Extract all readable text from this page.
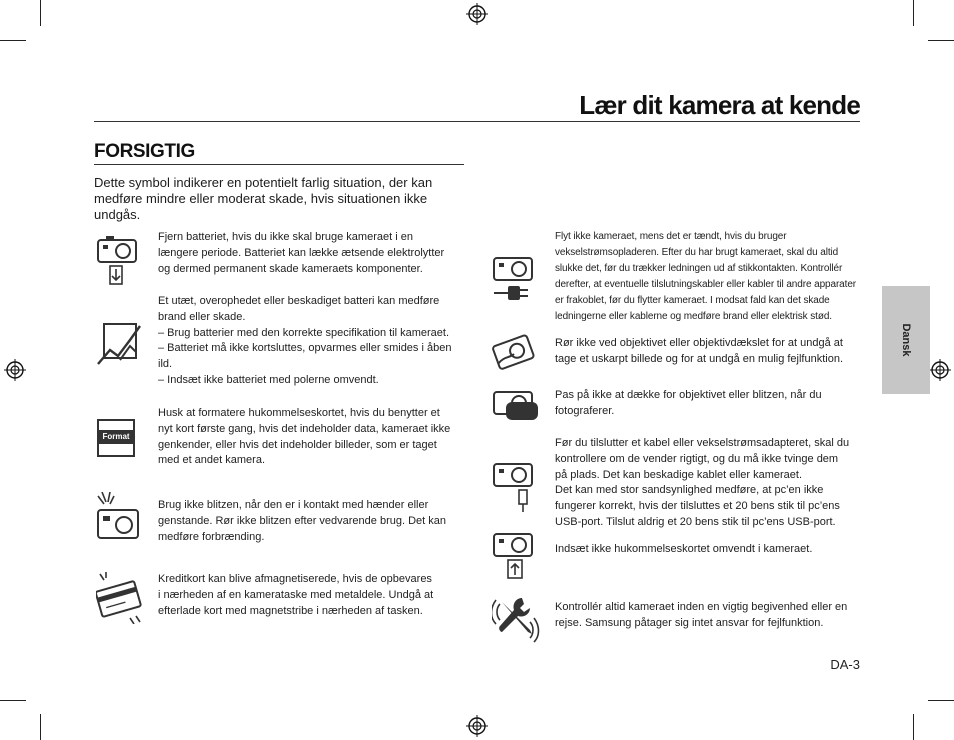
Lær dit kamera at kende
FORSIGTIG
Dette symbol indikerer en potentielt farlig situation, der kan
medføre mindre eller moderat skade, hvis situationen ikke undgås.
Fjern batteriet, hvis du ikke skal bruge kameraet i en
længere periode. Batteriet kan lække ætsende elektrolytter
og dermed permanent skade kameraets komponenter.
Et utæt, overophedet eller beskadiget batteri kan medføre
brand eller skade.
– Brug batterier med den korrekte specifikation til kameraet.
– Batteriet må ikke kortsluttes, opvarmes eller smides i åben
ild.
– Indsæt ikke batteriet med polerne omvendt.
Format
Husk at formatere hukommelseskortet, hvis du benytter et
nyt kort første gang, hvis det indeholder data, kameraet ikke
genkender, eller hvis det indeholder billeder, som er taget
med et andet kamera.
Brug ikke blitzen, når den er i kontakt med hænder eller
genstande. Rør ikke blitzen efter vedvarende brug. Det kan
medføre forbrænding.
Kreditkort kan blive afmagnetiserede, hvis de opbevares
i nærheden af en kamerataske med metaldele. Undgå at
efterlade kort med magnetstribe i nærheden af tasken.
Flyt ikke kameraet, mens det er tændt, hvis du bruger
vekselstrømsopladeren. Efter du har brugt kameraet, skal du altid
slukke det, før du trækker ledningen ud af stikkontakten. Kontrollér
derefter, at eventuelle tilslutningskabler eller kabler til andre apparater
er frakoblet, før du flytter kameraet. I modsat fald kan det skade
ledningerne eller kablerne og medføre brand eller elektrisk stød.
Rør ikke ved objektivet eller objektivdækslet for at undgå at
tage et uskarpt billede og for at undgå en mulig fejlfunktion.
Pas på ikke at dække for objektivet eller blitzen, når du
fotograferer.
Før du tilslutter et kabel eller vekselstrømsadapteret, skal du
kontrollere om de vender rigtigt, og du må ikke tvinge dem
på plads. Det kan beskadige kablet eller kameraet.
Det kan med stor sandsynlighed medføre, at pc’en ikke
fungerer korrekt, hvis der tilsluttes et 20 bens stik til pc’ens
USB-port. Tilslut aldrig et 20 bens stik til pc’ens USB-port.
Indsæt ikke hukommelseskortet omvendt i kameraet.
Kontrollér altid kameraet inden en vigtig begivenhed eller en
rejse. Samsung påtager sig intet ansvar for fejlfunktion.
Dansk
DA-3
